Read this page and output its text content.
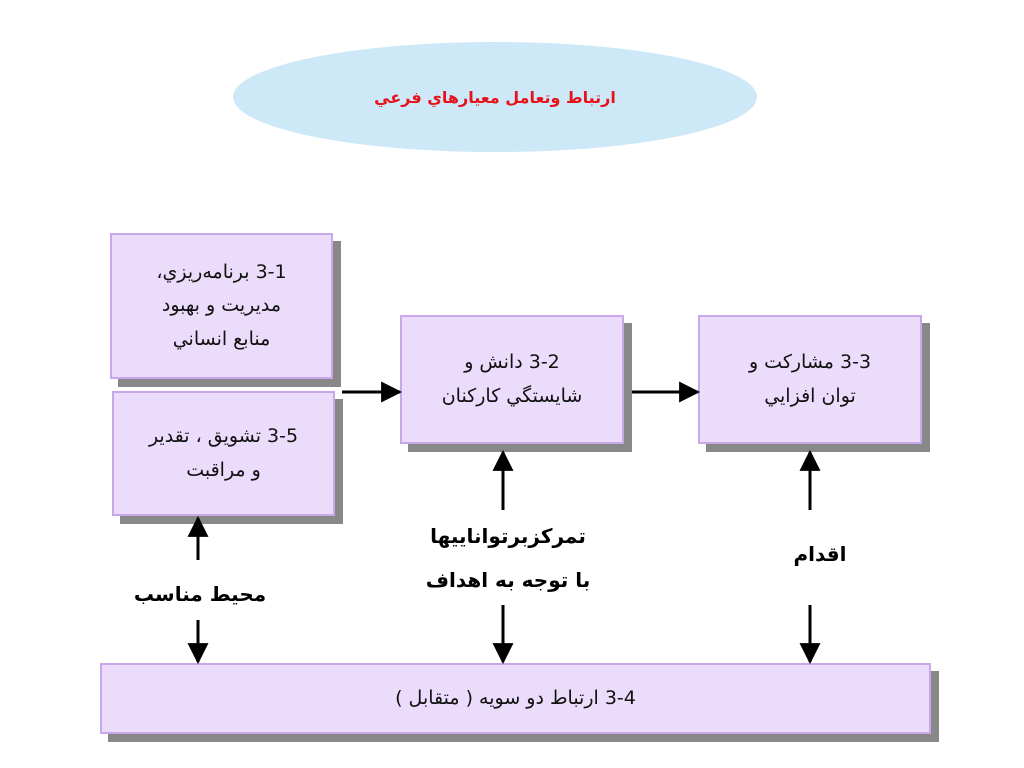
ارتباط وتعامل معيارهاي فرعي
3-1 برنامه‌ريزي،
مديريت و بهبود
منابع انساني
3-5 تشويق ، تقدير
و مراقبت
3-2 دانش و
شايستگي كاركنان
3-3 مشاركت و
توان افزايي
3-4 ارتباط دو سويه ( متقابل )
محيط مناسب
تمركزبرتواناييها
با توجه به اهداف
اقدام
